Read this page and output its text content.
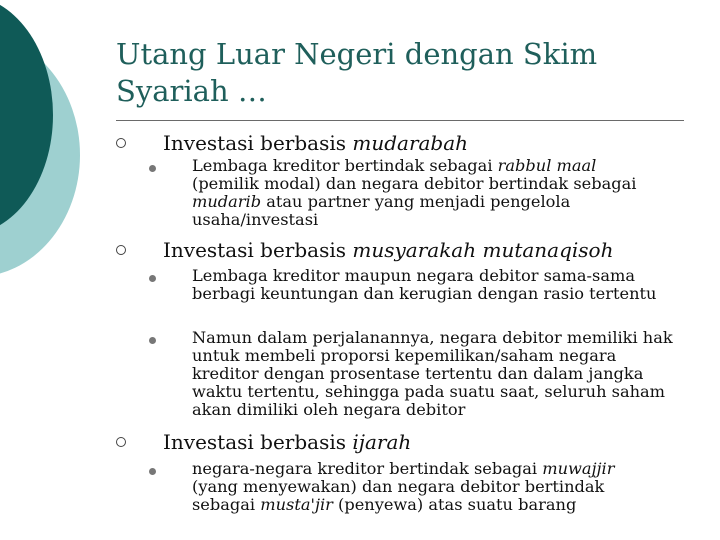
Utang Luar Negeri dengan Skim
Syariah …
Investasi berbasis mudarabah
Lembaga kreditor bertindak sebagai rabbul maal
(pemilik modal) dan negara debitor bertindak sebagai
mudarib atau partner yang menjadi pengelola
usaha/investasi
Investasi berbasis musyarakah mutanaqisoh
Lembaga kreditor maupun negara debitor sama-sama berbagi keuntungan dan kerugian dengan rasio tertentu
Namun dalam perjalanannya, negara debitor memiliki hak untuk membeli proporsi kepemilikan/saham negara kreditor dengan prosentase tertentu dan dalam jangka waktu tertentu, sehingga pada suatu saat, seluruh saham akan dimiliki oleh negara debitor
Investasi berbasis ijarah
negara-negara kreditor bertindak sebagai muwajjir
(yang menyewakan) dan negara debitor bertindak
sebagai musta'jir (penyewa) atas suatu barang
